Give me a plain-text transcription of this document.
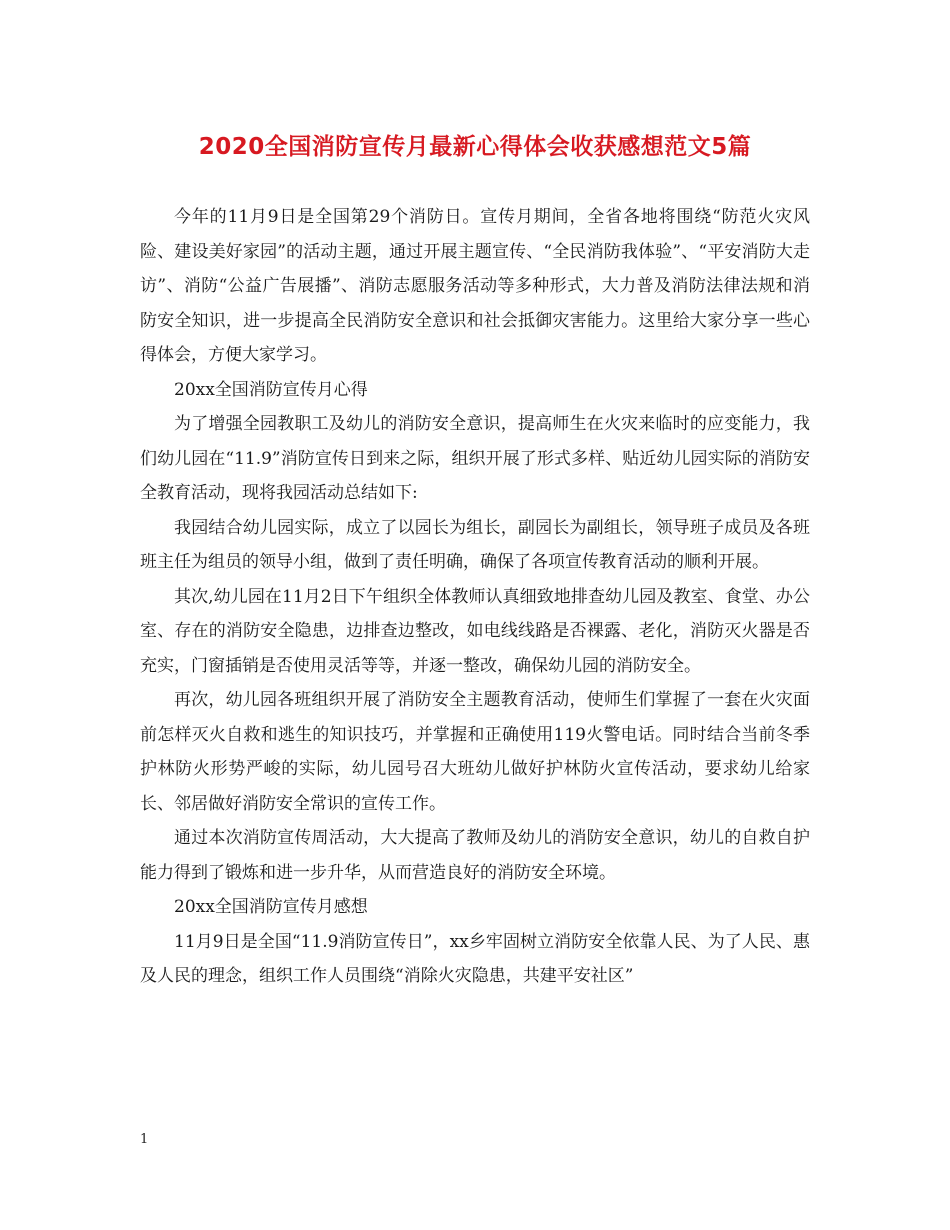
2020全国消防宣传月最新心得体会收获感想范文5篇

今年的11月9日是全国第29个消防日。宣传月期间，全省各地将围绕“防范火灾风险、建设美好家园”的活动主题，通过开展主题宣传、“全民消防我体验”、“平安消防大走访”、消防“公益广告展播”、消防志愿服务活动等多种形式，大力普及消防法律法规和消防安全知识，进一步提高全民消防安全意识和社会抵御灾害能力。这里给大家分享一些心得体会，方便大家学习。

20xx全国消防宣传月心得

为了增强全园教职工及幼儿的消防安全意识，提高师生在火灾来临时的应变能力，我们幼儿园在“11.9”消防宣传日到来之际，组织开展了形式多样、贴近幼儿园实际的消防安全教育活动，现将我园活动总结如下:

我园结合幼儿园实际，成立了以园长为组长，副园长为副组长，领导班子成员及各班班主任为组员的领导小组，做到了责任明确，确保了各项宣传教育活动的顺利开展。

其次,幼儿园在11月2日下午组织全体教师认真细致地排查幼儿园及教室、食堂、办公室、存在的消防安全隐患，边排查边整改，如电线线路是否裸露、老化，消防灭火器是否充实，门窗插销是否使用灵活等等，并逐一整改，确保幼儿园的消防安全。

再次，幼儿园各班组织开展了消防安全主题教育活动，使师生们掌握了一套在火灾面前怎样灭火自救和逃生的知识技巧，并掌握和正确使用119火警电话。同时结合当前冬季护林防火形势严峻的实际，幼儿园号召大班幼儿做好护林防火宣传活动，要求幼儿给家长、邻居做好消防安全常识的宣传工作。

通过本次消防宣传周活动，大大提高了教师及幼儿的消防安全意识，幼儿的自救自护能力得到了锻炼和进一步升华，从而营造良好的消防安全环境。

20xx全国消防宣传月感想

11月9日是全国“11.9消防宣传日”，xx乡牢固树立消防安全依靠人民、为了人民、惠及人民的理念，组织工作人员围绕“消除火灾隐患，共建平安社区”

1
